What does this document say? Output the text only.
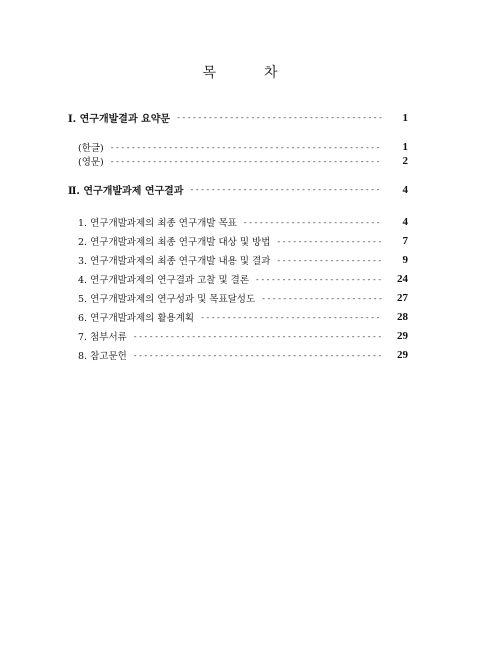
목	차
Ⅰ. 연구개발결과 요약문 -----	1
(한글) -----	1
(영문) -----	2
Ⅱ. 연구개발과제 연구결과 -----	4
1. 연구개발과제의 최종 연구개발 목표 -----	4
2. 연구개발과제의 최종 연구개발 대상 및 방법 -----	7
3. 연구개발과제의 최종 연구개발 내용 및 결과 -----	9
4. 연구개발과제의 연구결과 고찰 및 결론 -----	24
5. 연구개발과제의 연구성과 및 목표달성도 -----	27
6. 연구개발과제의 활용계획 -----	28
7. 첨부서류 -----	29
8. 참고문헌 -----	29
